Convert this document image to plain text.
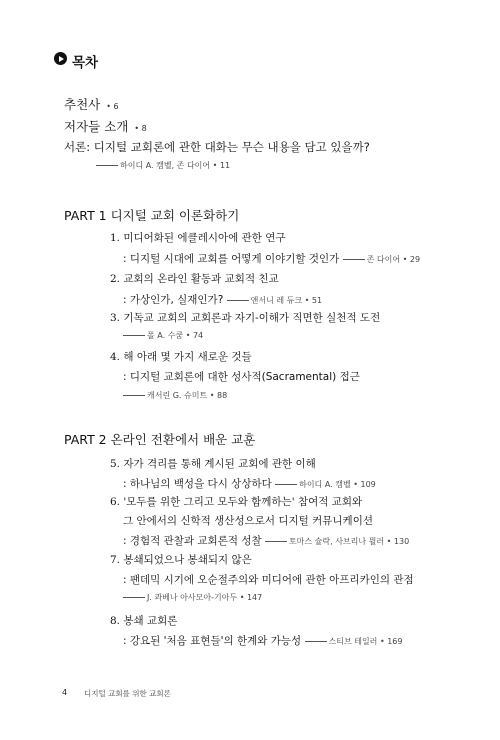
목차
추천사 • 6
저자들 소개 • 8
서론: 디지털 교회론에 관한 대화는 무슨 내용을 담고 있을까?
하이디 A. 캠벨, 존 다이어 • 11
PART 1 디지털 교회 이론화하기
1. 미디어화된 에클레시아에 관한 연구
: 디지털 시대에 교회를 어떻게 이야기할 것인가	존 다이어 • 29
2. 교회의 온라인 활동과 교회적 친교
: 가상인가, 실재인가?	앤서니 레 듀크 • 51
3. 기독교 교회의 교회론과 자기-이해가 직면한 실천적 도전
폴 A. 수쿰 • 74
4. 해 아래 몇 가지 새로운 것들
: 디지털 교회론에 대한 성사적(Sacramental) 접근
캐서린 G. 슈미트 • 88
PART 2 온라인 전환에서 배운 교훈
5. 자가 격리를 통해 계시된 교회에 관한 이해
: 하나님의 백성을 다시 상상하다	하이디 A. 캠벨 • 109
6. '모두를 위한 그리고 모두와 함께하는' 참여적 교회와
그 안에서의 신학적 생산성으로서 디지털 커뮤니케이션
: 경험적 관찰과 교회론적 성찰	토마스 슐락, 사브리나 뮐러 • 130
7. 봉쇄되었으나 봉쇄되지 않은
: 팬데믹 시기에 오순절주의와 미디어에 관한 아프리카인의 관점
J. 콰베나 아사모아-기아두 • 147
8. 봉쇄 교회론
: 강요된 '처음 표현들'의 한계와 가능성	스티브 테일러 • 169
4 디지털 교회를 위한 교회론
